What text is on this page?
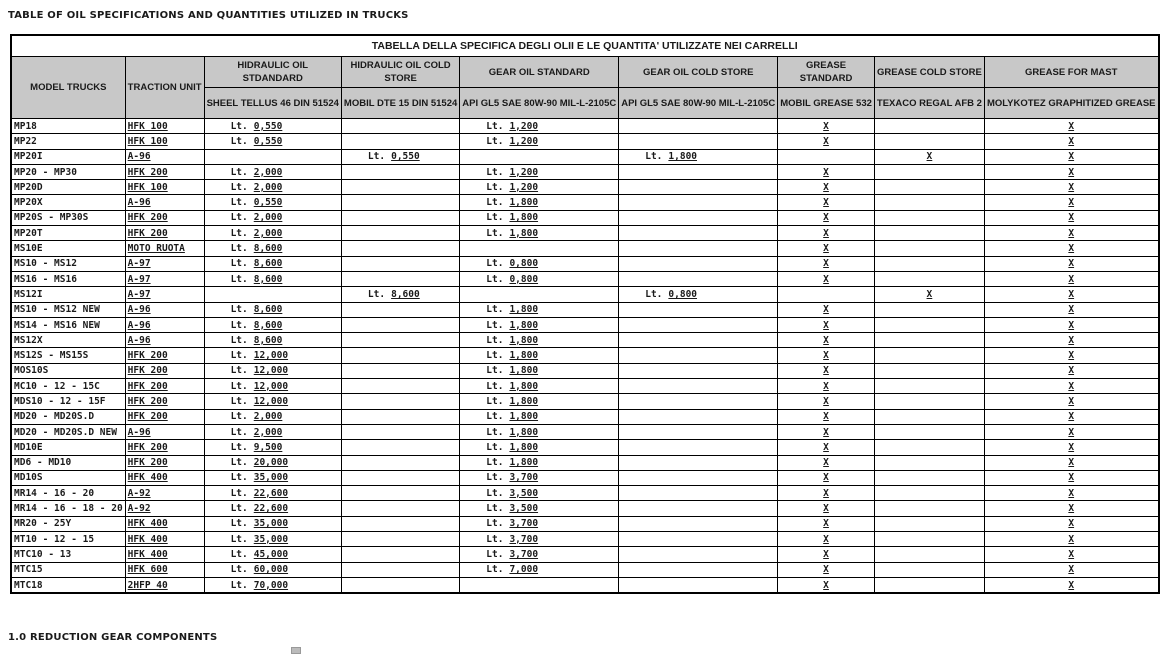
TABLE OF OIL SPECIFICATIONS AND QUANTITIES UTILIZED IN TRUCKS
TABELLA DELLA SPECIFICA DEGLI OLII E LE QUANTITA' UTILIZZATE NEI CARRELLI								
MODEL TRUCKS	TRACTION UNIT	HIDRAULIC OIL STDANDARD	HIDRAULIC OIL COLD STORE	GEAR OIL STANDARD	GEAR OIL COLD STORE	GREASE STANDARD	GREASE COLD STORE	GREASE FOR MAST
		SHEEL TELLUS 46 DIN 51524	MOBIL DTE 15 DIN 51524	API GL5 SAE 80W-90 MIL-L-2105C	API GL5 SAE 80W-90 MIL-L-2105C	MOBIL GREASE 532	TEXACO REGAL AFB 2	MOLYKOTEZ GRAPHITIZED GREASE
MP18	HFK 100	Lt. 0,550		Lt. 1,200		X		X
MP22	HFK 100	Lt. 0,550		Lt. 1,200		X		X
MP20I	A-96		Lt. 0,550		Lt. 1,800		X	X
MP20 - MP30	HFK 200	Lt. 2,000		Lt. 1,200		X		X
MP20D	HFK 100	Lt. 2,000		Lt. 1,200		X		X
MP20X	A-96	Lt. 0,550		Lt. 1,800		X		X
MP20S - MP30S	HFK 200	Lt. 2,000		Lt. 1,800		X		X
MP20T	HFK 200	Lt. 2,000		Lt. 1,800		X		X
MS10E	MOTO RUOTA	Lt. 8,600				X		X
MS10 - MS12	A-97	Lt. 8,600		Lt. 0,800		X		X
MS16 - MS16	A-97	Lt. 8,600		Lt. 0,800		X		X
MS12I	A-97		Lt. 8,600		Lt. 0,800		X	X
MS10 - MS12 NEW	A-96	Lt. 8,600		Lt. 1,800		X		X
MS14 - MS16 NEW	A-96	Lt. 8,600		Lt. 1,800		X		X
MS12X	A-96	Lt. 8,600		Lt. 1,800		X		X
MS12S - MS15S	HFK 200	Lt. 12,000		Lt. 1,800		X		X
MOS10S	HFK 200	Lt. 12,000		Lt. 1,800		X		X
MC10 - 12 - 15C	HFK 200	Lt. 12,000		Lt. 1,800		X		X
MDS10 - 12 - 15F	HFK 200	Lt. 12,000		Lt. 1,800		X		X
MD20 - MD20S.D	HFK 200	Lt. 2,000		Lt. 1,800		X		X
MD20 - MD20S.D NEW	A-96	Lt. 2,000		Lt. 1,800		X		X
MD10E	HFK 200	Lt. 9,500		Lt. 1,800		X		X
MD6 - MD10	HFK 200	Lt. 20,000		Lt. 1,800		X		X
MD10S	HFK 400	Lt. 35,000		Lt. 3,700		X		X
MR14 - 16 - 20	A-92	Lt. 22,600		Lt. 3,500		X		X
MR14 - 16 - 18 - 20	A-92	Lt. 22,600		Lt. 3,500		X		X
MR20 - 25Y	HFK 400	Lt. 35,000		Lt. 3,700		X		X
MT10 - 12 - 15	HFK 400	Lt. 35,000		Lt. 3,700		X		X
MTC10 - 13	HFK 400	Lt. 45,000		Lt. 3,700		X		X
MTC15	HFK 600	Lt. 60,000		Lt. 7,000		X		X
MTC18	2HFP 40	Lt. 70,000				X		X
1.0 REDUCTION GEAR COMPONENTS
